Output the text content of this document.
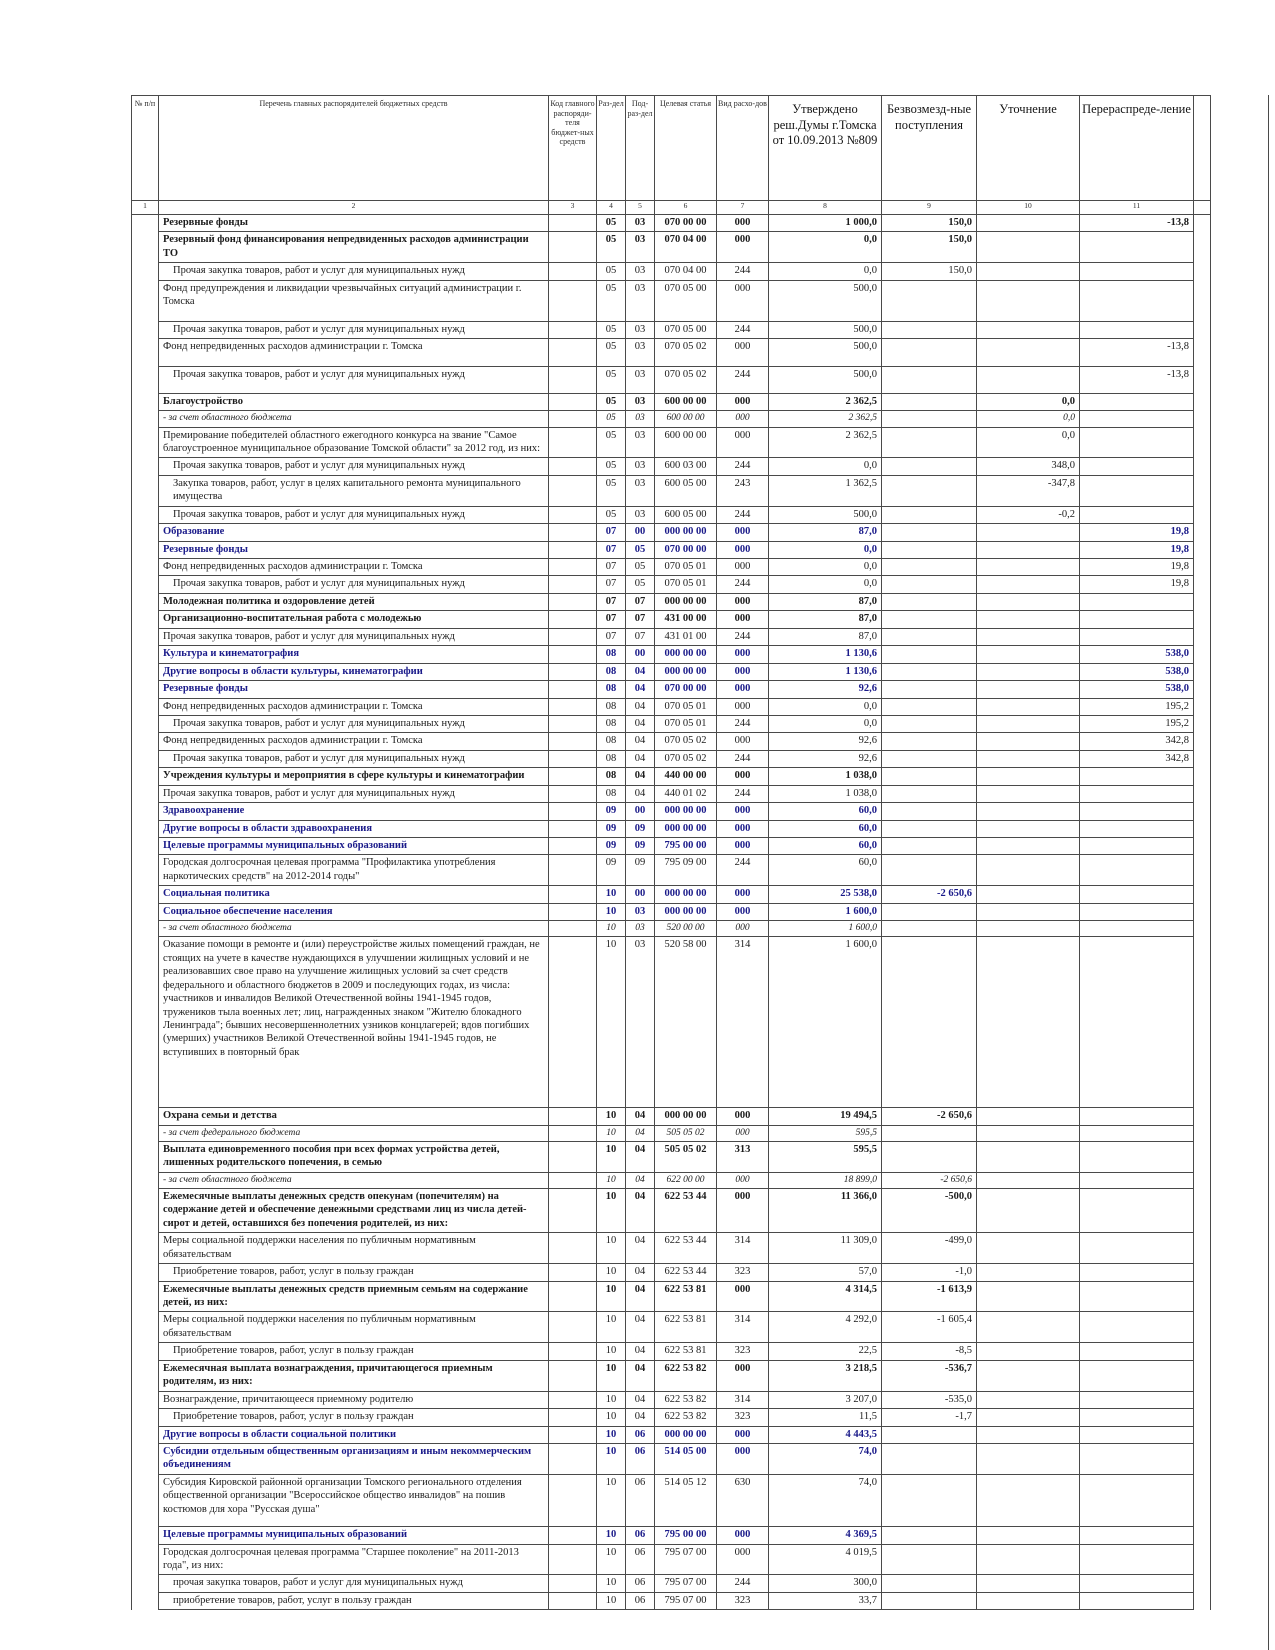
№ п/п	Перечень главных распорядителей бюджетных средств	Код главного распоряди-теля бюджет-ных средств	Раз-дел	Под-раз-дел	Целевая статья	Вид расхо-дов	Утверждено реш.Думы г.Томска от 10.09.2013 №809	Безвозмезд-ные поступления	Уточнение	Перераспреде-ление	
1	2	3	4	5	6	7	8	9	10	11	
	Резервные фонды		05	03	070 00 00	000	1 000,0	150,0		-13,8	
	Резервный фонд финансирования непредвиденных расходов администрации ТО		05	03	070 04 00	000	0,0	150,0			
	Прочая закупка товаров, работ и услуг для муниципальных нужд		05	03	070 04 00	244	0,0	150,0			
	Фонд предупреждения и ликвидации чрезвычайных ситуаций администрации г. Томска		05	03	070 05 00	000	500,0				
	Прочая закупка товаров, работ и услуг для муниципальных нужд		05	03	070 05 00	244	500,0				
	Фонд непредвиденных расходов администрации г. Томска		05	03	070 05 02	000	500,0			-13,8	
	Прочая закупка товаров, работ и услуг для муниципальных нужд		05	03	070 05 02	244	500,0			-13,8	
	Благоустройство		05	03	600 00 00	000	2 362,5		0,0		
	- за счет областного бюджета		05	03	600 00 00	000	2 362,5		0,0		
	Премирование победителей областного ежегодного конкурса на звание "Самое благоустроенное муниципальное образование Томской области" за 2012 год, из них:		05	03	600 00 00	000	2 362,5		0,0		
	Прочая закупка товаров, работ и услуг для муниципальных нужд		05	03	600 03 00	244	0,0		348,0		
	Закупка товаров, работ, услуг в целях капитального ремонта муниципального имущества		05	03	600 05 00	243	1 362,5		-347,8		
	Прочая закупка товаров, работ и услуг для муниципальных нужд		05	03	600 05 00	244	500,0		-0,2		
	Образование		07	00	000 00 00	000	87,0			19,8	
	Резервные фонды		07	05	070 00 00	000	0,0			19,8	
	Фонд непредвиденных расходов администрации г. Томска		07	05	070 05 01	000	0,0			19,8	
	Прочая закупка товаров, работ и услуг для муниципальных нужд		07	05	070 05 01	244	0,0			19,8	
	Молодежная политика и оздоровление детей		07	07	000 00 00	000	87,0				
	Организационно-воспитательная работа с молодежью		07	07	431 00 00	000	87,0				
	Прочая закупка товаров, работ и услуг для муниципальных нужд		07	07	431 01 00	244	87,0				
	Культура и кинематография		08	00	000 00 00	000	1 130,6			538,0	
	Другие вопросы в области культуры, кинематографии		08	04	000 00 00	000	1 130,6			538,0	
	Резервные фонды		08	04	070 00 00	000	92,6			538,0	
	Фонд непредвиденных расходов администрации г. Томска		08	04	070 05 01	000	0,0			195,2	
	Прочая закупка товаров, работ и услуг для муниципальных нужд		08	04	070 05 01	244	0,0			195,2	
	Фонд непредвиденных расходов администрации г. Томска		08	04	070 05 02	000	92,6			342,8	
	Прочая закупка товаров, работ и услуг для муниципальных нужд		08	04	070 05 02	244	92,6			342,8	
	Учреждения культуры и мероприятия в сфере культуры и кинематографии		08	04	440 00 00	000	1 038,0				
	Прочая закупка товаров, работ и услуг для муниципальных нужд		08	04	440 01 02	244	1 038,0				
	Здравоохранение		09	00	000 00 00	000	60,0				
	Другие вопросы в области здравоохранения		09	09	000 00 00	000	60,0				
	Целевые программы муниципальных образований		09	09	795 00 00	000	60,0				
	Городская долгосрочная целевая программа "Профилактика употребления наркотических средств" на 2012-2014 годы"		09	09	795 09 00	244	60,0				
	Социальная политика		10	00	000 00 00	000	25 538,0	-2 650,6			
	Социальное обеспечение населения		10	03	000 00 00	000	1 600,0				
	- за счет областного бюджета		10	03	520 00 00	000	1 600,0				
	Оказание помощи в ремонте и (или) переустройстве жилых помещений граждан, не стоящих на учете в качестве нуждающихся в улучшении жилищных условий и не реализовавших свое право на улучшение жилищных условий за счет средств федерального и областного бюджетов в 2009 и последующих годах, из числа: участников и инвалидов Великой Отечественной войны 1941-1945 годов, тружеников тыла военных лет; лиц, награжденных знаком "Жителю блокадного Ленинграда"; бывших несовершеннолетних узников концлагерей; вдов погибших (умерших) участников Великой Отечественной войны 1941-1945 годов, не вступивших в повторный брак		10	03	520 58 00	314	1 600,0				
	Охрана семьи и детства		10	04	000 00 00	000	19 494,5	-2 650,6			
	- за счет федерального бюджета		10	04	505 05 02	000	595,5				
	Выплата единовременного пособия при всех формах устройства детей, лишенных родительского попечения, в семью		10	04	505 05 02	313	595,5				
	- за счет областного бюджета		10	04	622 00 00	000	18 899,0	-2 650,6			
	Ежемесячные выплаты денежных средств опекунам (попечителям) на содержание детей и обеспечение денежными средствами лиц из числа детей-сирот и детей, оставшихся без попечения родителей, из них:		10	04	622 53 44	000	11 366,0	-500,0			
	Меры социальной поддержки населения по публичным нормативным обязательствам		10	04	622 53 44	314	11 309,0	-499,0			
	Приобретение товаров, работ, услуг в пользу граждан		10	04	622 53 44	323	57,0	-1,0			
	Ежемесячные выплаты денежных средств приемным семьям на содержание детей, из них:		10	04	622 53 81	000	4 314,5	-1 613,9			
	Меры социальной поддержки населения по публичным нормативным обязательствам		10	04	622 53 81	314	4 292,0	-1 605,4			
	Приобретение товаров, работ, услуг в пользу граждан		10	04	622 53 81	323	22,5	-8,5			
	Ежемесячная выплата вознаграждения, причитающегося приемным родителям, из них:		10	04	622 53 82	000	3 218,5	-536,7			
	Вознаграждение, причитающееся приемному родителю		10	04	622 53 82	314	3 207,0	-535,0			
	Приобретение товаров, работ, услуг в пользу граждан		10	04	622 53 82	323	11,5	-1,7			
	Другие вопросы в области социальной политики		10	06	000 00 00	000	4 443,5				
	Субсидии отдельным общественным организациям и иным некоммерческим объединениям		10	06	514 05 00	000	74,0				
	Субсидия Кировской районной организации Томского регионального отделения общественной организации "Всероссийское общество инвалидов" на пошив костюмов для хора "Русская душа"		10	06	514 05 12	630	74,0				
	Целевые программы муниципальных образований		10	06	795 00 00	000	4 369,5				
	Городская долгосрочная целевая программа "Старшее поколение" на 2011-2013 года", из них:		10	06	795 07 00	000	4 019,5				
	прочая закупка товаров, работ и услуг для муниципальных нужд		10	06	795 07 00	244	300,0				
	приобретение товаров, работ, услуг в пользу граждан		10	06	795 07 00	323	33,7				
